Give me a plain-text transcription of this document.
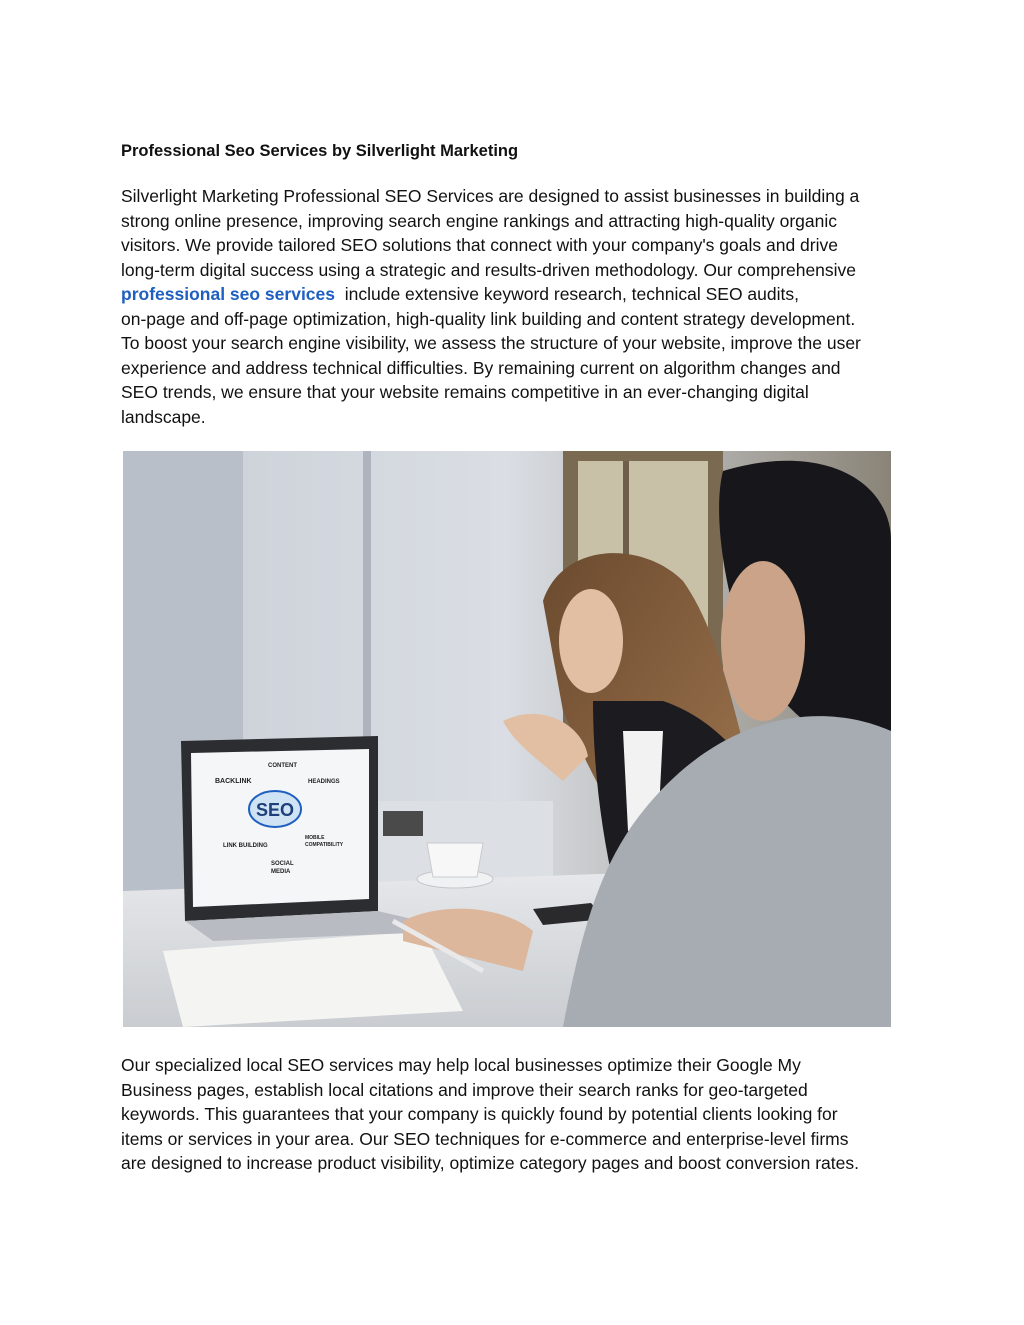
Professional Seo Services by Silverlight Marketing

Silverlight Marketing Professional SEO Services are designed to assist businesses in building a
strong online presence, improving search engine rankings and attracting high-quality organic
visitors. We provide tailored SEO solutions that connect with your company's goals and drive
long-term digital success using a strategic and results-driven methodology. Our comprehensive
professional seo services include extensive keyword research, technical SEO audits,
on-page and off-page optimization, high-quality link building and content strategy development.
To boost your search engine visibility, we assess the structure of your website, improve the user
experience and address technical difficulties. By remaining current on algorithm changes and
SEO trends, we ensure that your website remains competitive in an ever-changing digital
landscape.

SEO
CONTENT
BACKLINK	HEADINGS
LINK BUILDING
MOBILE
COMPATIBILITY
SOCIAL
MEDIA

Our specialized local SEO services may help local businesses optimize their Google My
Business pages, establish local citations and improve their search ranks for geo-targeted
keywords. This guarantees that your company is quickly found by potential clients looking for
items or services in your area. Our SEO techniques for e-commerce and enterprise-level firms
are designed to increase product visibility, optimize category pages and boost conversion rates.
